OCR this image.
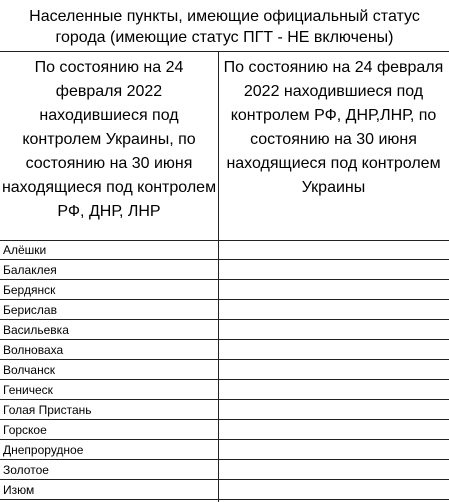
Населенные пункты, имеющие официальный статус города (имеющие статус ПГТ - НЕ включены)
По состоянию на 24 февраля 2022 находившиеся под контролем Украины, по состоянию на 30 июня находящиеся под контролем РФ, ДНР, ЛНР
По состоянию на 24 февраля 2022 находившиеся под контролем РФ, ДНР,ЛНР, по состоянию на 30 июня находящиеся под контролем Украины
Алёшки
Балаклея
Бердянск
Берислав
Васильевка
Волноваха
Волчанск
Геническ
Голая Пристань
Горское
Днепрорудное
Золотое
Изюм
